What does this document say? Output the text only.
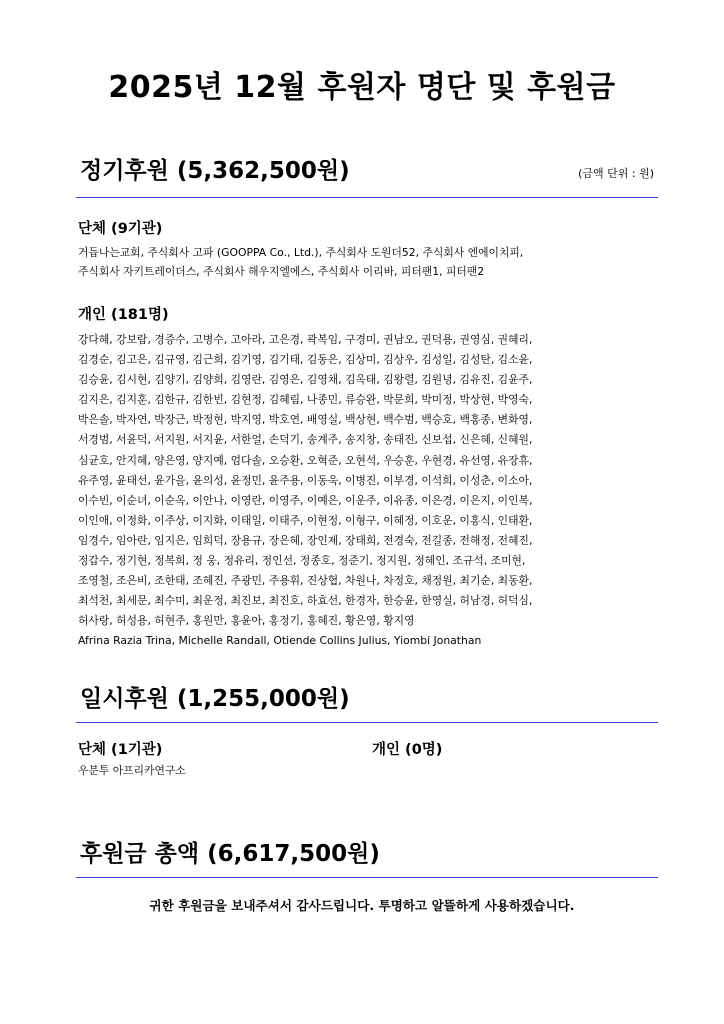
2025년 12월 후원자 명단 및 후원금
정기후원 (5,362,500원)	(금액 단위 : 원)
단체 (9기관)
거듭나는교회, 주식회사 고파 (GOOPPA Co., Ltd.), 주식회사 도원더52, 주식회사 엔에이치피,
주식회사 자키트레이더스, 주식회사 해우지엘에스, 주식회사 이리바, 피터팬1, 피터팬2
개인 (181명)
강다혜, 강보람, 경증수, 고병수, 고아라, 고은경, 곽복임, 구경미, 권남오, 권덕용, 권영심, 권혜리,
김경순, 김고은, 김규영, 김근희, 김기영, 김기태, 김동은, 김상미, 김상우, 김성일, 김성탄, 김소윤,
김승윤, 김시현, 김양기, 김양희, 김영란, 김영은, 김영채, 김옥태, 김왕렬, 김원녕, 김유진, 김윤주,
김지은, 김지훈, 김한규, 김한빈, 김현정, 김혜림, 나종민, 류승완, 박문희, 박미정, 박상현, 박영숙,
박은솔, 박자연, 박장근, 박정현, 박지영, 박호연, 배영실, 백상현, 백수범, 백승호, 백홍종, 변화영,
서경범, 서윤덕, 서지원, 서지윤, 서한얼, 손덕기, 송계주, 송지창, 송태진, 신보섭, 신은혜, 신혜원,
심균호, 안지혜, 양은영, 양지예, 엄다솔, 오승환, 오혁준, 오현석, 우승훈, 우현경, 유선영, 유장휴,
유주영, 윤태선, 윤가을, 윤의성, 윤정민, 윤주용, 이동욱, 이병진, 이부경, 이석희, 이성춘, 이소아,
이수빈, 이순녀, 이순옥, 이안나, 이영란, 이영주, 이예은, 이운주, 이유종, 이은경, 이은지, 이인복,
이인애, 이정화, 이주상, 이지화, 이태일, 이태주, 이현정, 이형구, 이혜정, 이호운, 이홍식, 인태환,
임경수, 임아란, 임지은, 임희덕, 장용규, 장은혜, 장인제, 장태희, 전경숙, 전길종, 전해정, 전혜진,
정갑수, 정기현, 정복희, 정 웅, 정유리, 정인선, 정종호, 정준기, 정지원, 정혜인, 조규석, 조미현,
조영철, 조은비, 조한태, 조혜진, 주광민, 주용휘, 진상협, 차원나, 차정호, 채정원, 최기순, 최동환,
최석천, 최세문, 최수미, 최운정, 최진보, 최진호, 하효선, 한경자, 한승윤, 한영실, 허남경, 허덕심,
허사랑, 허성용, 허현주, 홍원만, 홍윤아, 홍정기, 홍혜진, 황은영, 황지영
Afrina Razia Trina, Michelle Randall, Otiende Collins Julius, Yiombi Jonathan
일시후원 (1,255,000원)
단체 (1기관)	개인 (0명)
우분투 아프리카연구소
후원금 총액 (6,617,500원)
귀한 후원금을 보내주셔서 감사드립니다. 투명하고 알뜰하게 사용하겠습니다.
